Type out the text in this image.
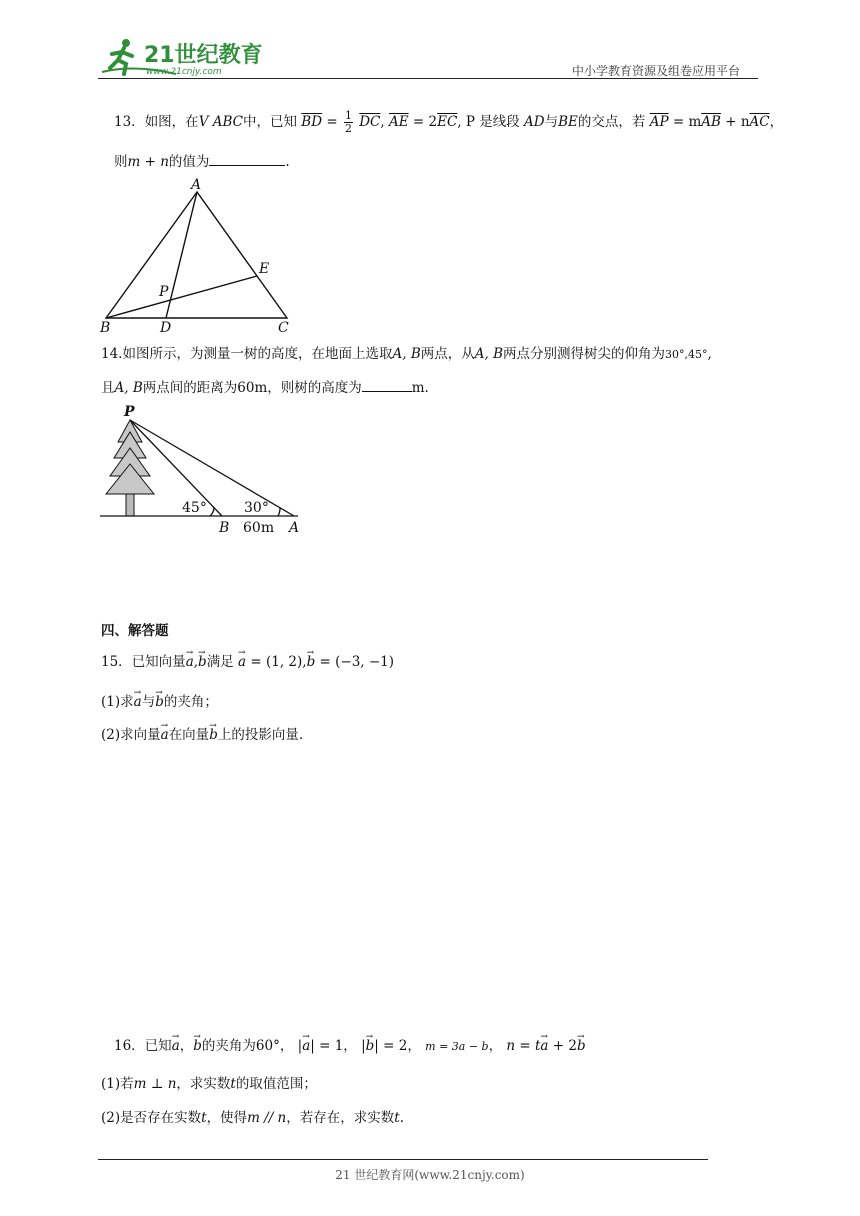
21世纪教育
www.21cnjy.com	中小学教育资源及组卷应用平台
13．如图，在V ABC中，已知 $\overline{BD} = \frac{1}{2} \overline{DC}$, $\overline{AE} = 2\overline{EC}$, P 是线段 AD与BE的交点，若 $\overline{AP} = m\overline{AB} + n\overline{AC}$，
则m + n的值为	.
A
B	D	C
E
P
14.如图所示，为测量一树的高度，在地面上选取A, B两点，从A, B两点分别测得树尖的仰角为30°,45°,
且A, B两点间的距离为60m，则树的高度为	m.
P
45°	30°
B 60m A
四、解答题
15．已知向量→ a,→ b满足 → a = (1, 2),→ b = (−3, −1)
(1)求→ a与→ b的夹角；
(2)求向量→ a在向量→ b上的投影向量.
16．已知→ a，→ b的夹角为60°， |→ a| = 1， |→ b| = 2， m = 3a − b， n = t→ a + 2→ b
(1)若m ⊥ n，求实数t的取值范围；
(2)是否存在实数t，使得m // n，若存在，求实数t.
21 世纪教育网(www.21cnjy.com)
